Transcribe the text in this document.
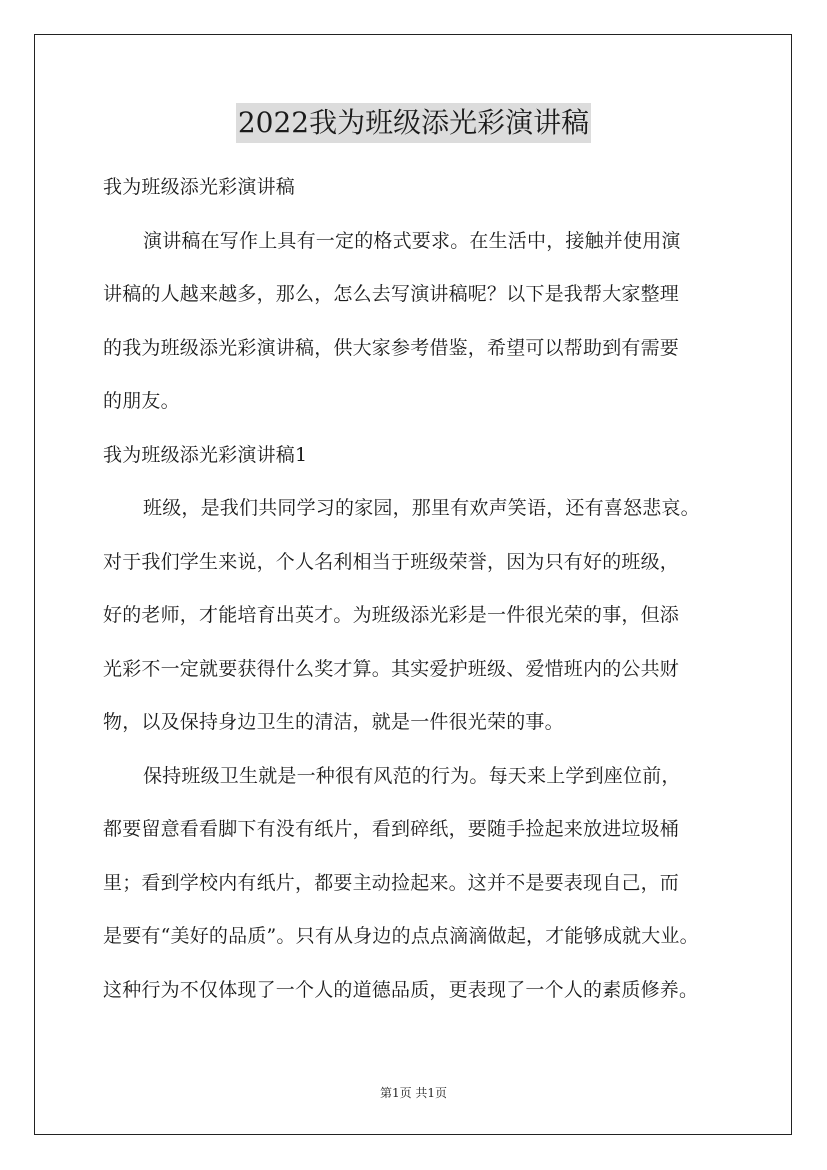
2022我为班级添光彩演讲稿
我为班级添光彩演讲稿
演讲稿在写作上具有一定的格式要求。在生活中，接触并使用演
讲稿的人越来越多，那么，怎么去写演讲稿呢？以下是我帮大家整理
的我为班级添光彩演讲稿，供大家参考借鉴，希望可以帮助到有需要
的朋友。
我为班级添光彩演讲稿1
班级，是我们共同学习的家园，那里有欢声笑语，还有喜怒悲哀。
对于我们学生来说，个人名利相当于班级荣誉，因为只有好的班级，
好的老师，才能培育出英才。为班级添光彩是一件很光荣的事，但添
光彩不一定就要获得什么奖才算。其实爱护班级、爱惜班内的公共财
物，以及保持身边卫生的清洁，就是一件很光荣的事。
保持班级卫生就是一种很有风范的行为。每天来上学到座位前，
都要留意看看脚下有没有纸片，看到碎纸，要随手捡起来放进垃圾桶
里；看到学校内有纸片，都要主动捡起来。这并不是要表现自己，而
是要有“美好的品质”。只有从身边的点点滴滴做起，才能够成就大业。
这种行为不仅体现了一个人的道德品质，更表现了一个人的素质修养。
第1页 共1页
